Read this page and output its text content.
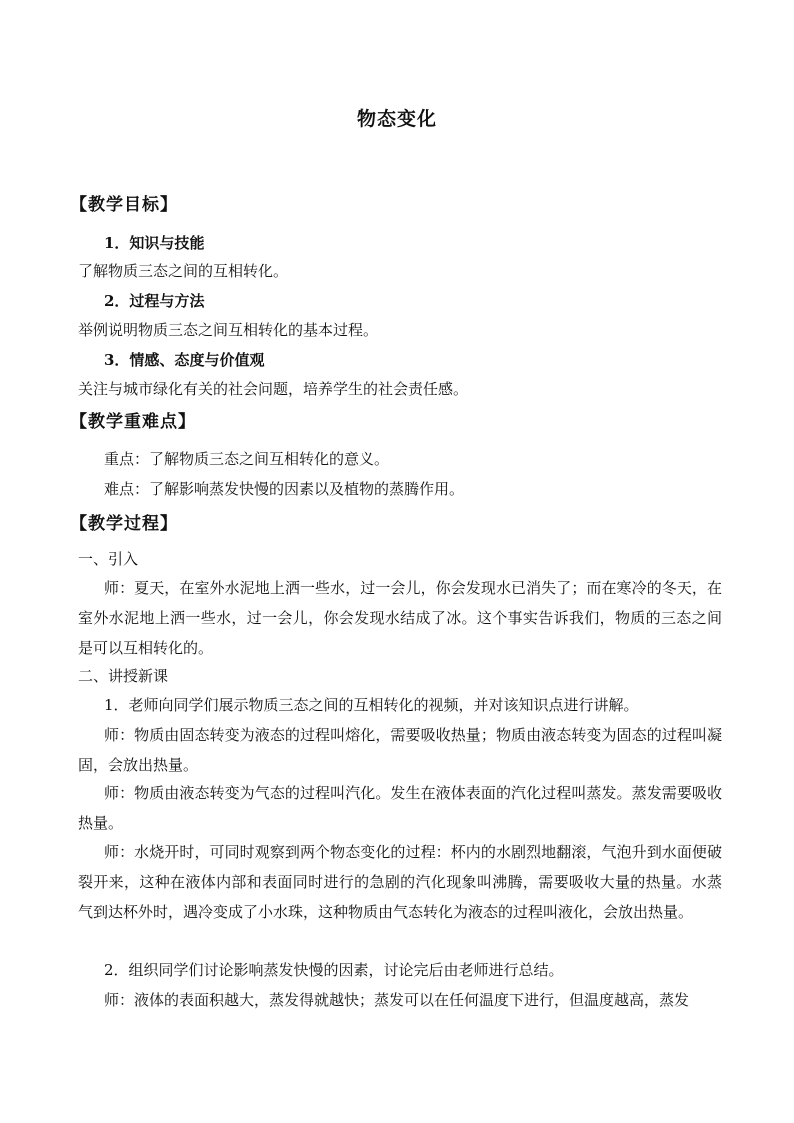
物态变化
【教学目标】
1．知识与技能
了解物质三态之间的互相转化。
2．过程与方法
举例说明物质三态之间互相转化的基本过程。
3．情感、态度与价值观
关注与城市绿化有关的社会问题，培养学生的社会责任感。
【教学重难点】
重点：了解物质三态之间互相转化的意义。
难点：了解影响蒸发快慢的因素以及植物的蒸腾作用。
【教学过程】
一、引入
师：夏天，在室外水泥地上洒一些水，过一会儿，你会发现水已消失了；而在寒冷的冬天，在室外水泥地上洒一些水，过一会儿，你会发现水结成了冰。这个事实告诉我们，物质的三态之间是可以互相转化的。
二、讲授新课
1．老师向同学们展示物质三态之间的互相转化的视频，并对该知识点进行讲解。
师：物质由固态转变为液态的过程叫熔化，需要吸收热量；物质由液态转变为固态的过程叫凝固，会放出热量。
师：物质由液态转变为气态的过程叫汽化。发生在液体表面的汽化过程叫蒸发。蒸发需要吸收热量。
师：水烧开时，可同时观察到两个物态变化的过程：杯内的水剧烈地翻滚，气泡升到水面便破裂开来，这种在液体内部和表面同时进行的急剧的汽化现象叫沸腾，需要吸收大量的热量。水蒸气到达杯外时，遇冷变成了小水珠，这种物质由气态转化为液态的过程叫液化，会放出热量。
2．组织同学们讨论影响蒸发快慢的因素，讨论完后由老师进行总结。
师：液体的表面积越大，蒸发得就越快；蒸发可以在任何温度下进行，但温度越高，蒸发
